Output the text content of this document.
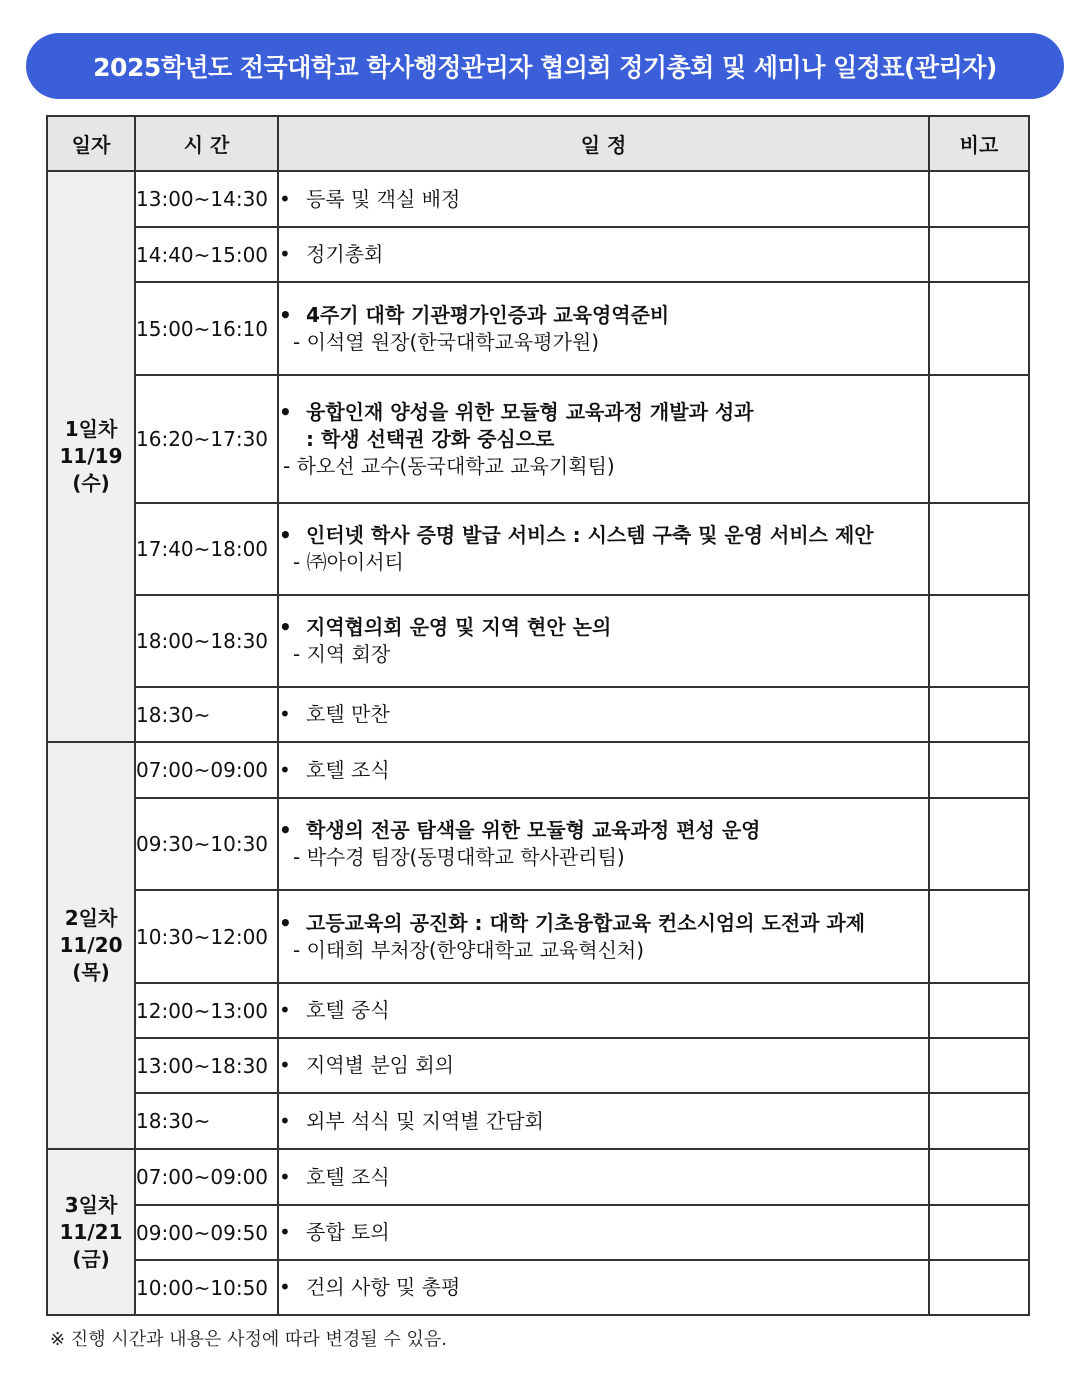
2025학년도 전국대학교 학사행정관리자 협의회 정기총회 및 세미나 일정표(관리자)
일자	시 간	일 정	비고

1일차
11/19
(수)	13:00~14:30	• 등록 및 객실 배정	
	14:40~15:00	• 정기총회	
	15:00~16:10	• 4주기 대학 기관평가인증과 교육영역준비
- 이석열 원장(한국대학교육평가원)	

	16:20~17:30	• 융합인재 양성을 위한 모듈형 교육과정 개발과 성과
: 학생 선택권 강화 중심으로
- 하오선 교수(동국대학교 교육기획팀)	

	17:40~18:00	• 인터넷 학사 증명 발급 서비스 : 시스템 구축 및 운영 서비스 제안
- ㈜아이서티	

	18:00~18:30	• 지역협의회 운영 및 지역 현안 논의
- 지역 회장	

	18:30~	• 호텔 만찬	

2일차
11/20
(목)	07:00~09:00	• 호텔 조식	
	09:30~10:30	• 학생의 전공 탐색을 위한 모듈형 교육과정 편성 운영
- 박수경 팀장(동명대학교 학사관리팀)	

	10:30~12:00	• 고등교육의 공진화 : 대학 기초융합교육 컨소시엄의 도전과 과제
- 이태희 부처장(한양대학교 교육혁신처)	

	12:00~13:00	• 호텔 중식	
	13:00~18:30	• 지역별 분임 회의	
	18:30~	• 외부 석식 및 지역별 간담회	

3일차
11/21
(금)	07:00~09:00	• 호텔 조식	
	09:00~09:50	• 종합 토의	
	10:00~10:50	• 건의 사항 및 총평	
※ 진행 시간과 내용은 사정에 따라 변경될 수 있음.
